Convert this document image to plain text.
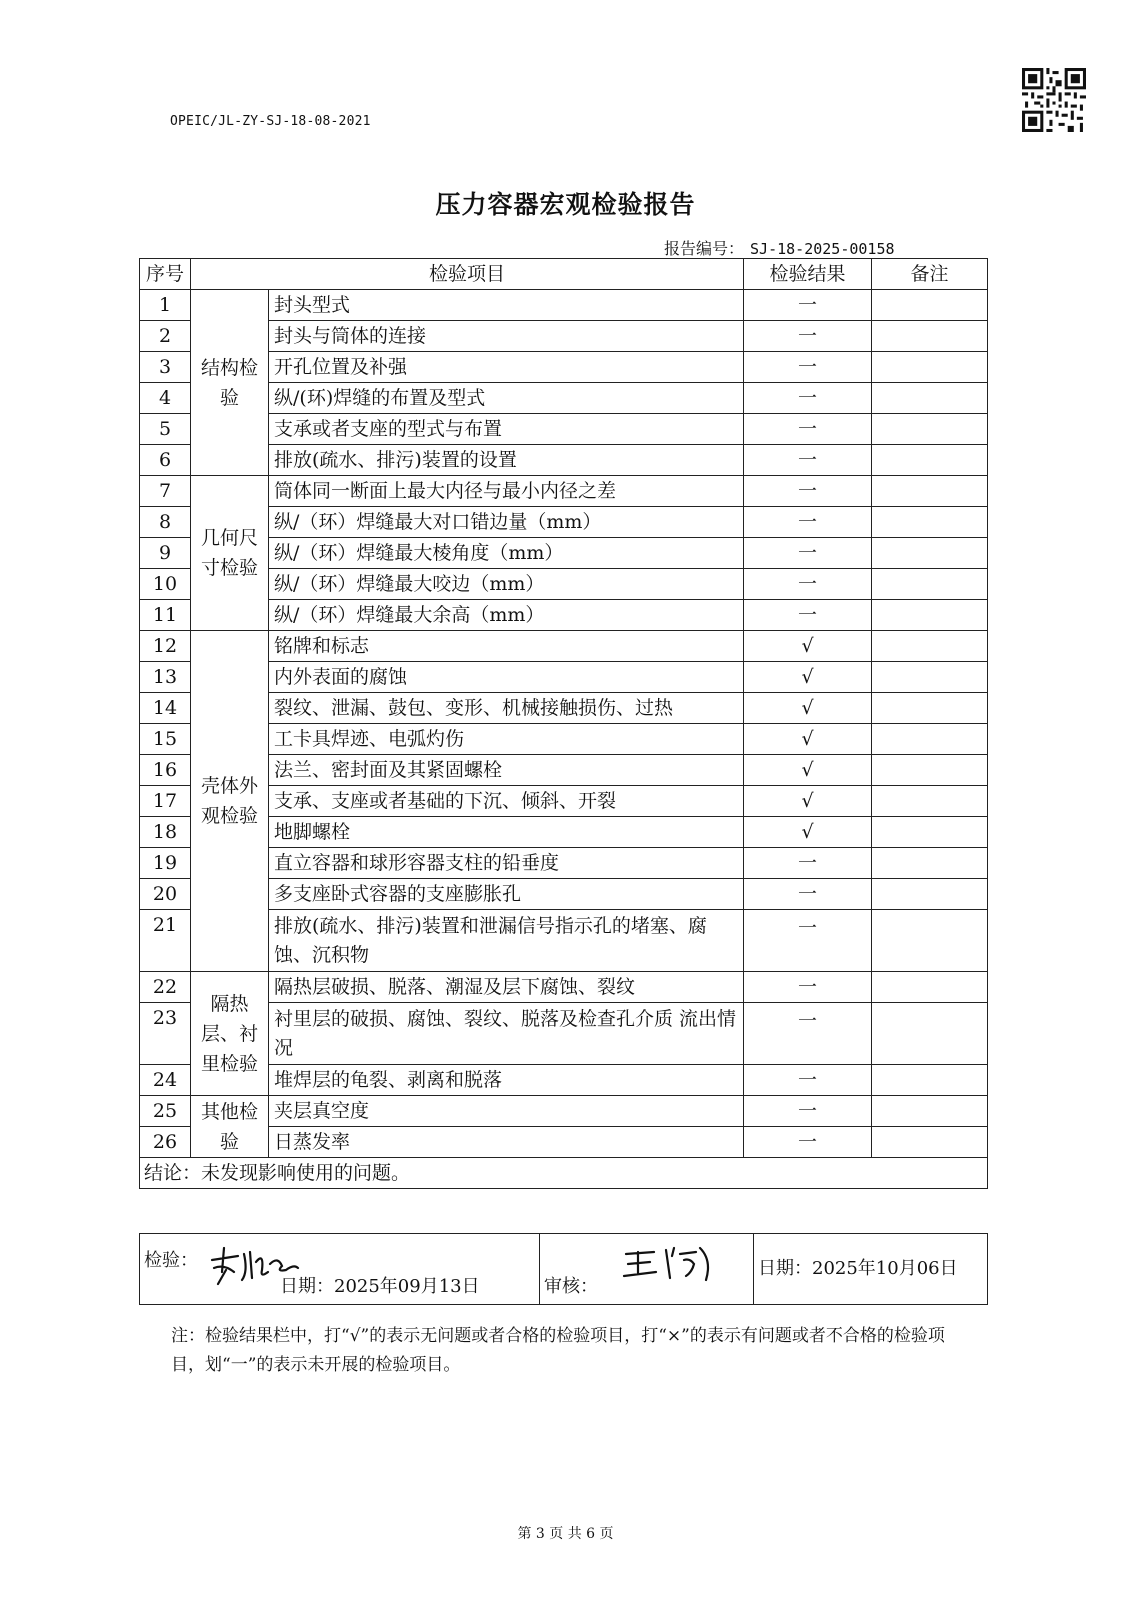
OPEIC/JL-ZY-SJ-18-08-2021
压力容器宏观检验报告
报告编号： SJ-18-2025-00158
序号	检验项目		检验结果	备注
1	结构检验	封头型式	一	
2		封头与筒体的连接	一	
3		开孔位置及补强	一	
4		纵/(环)焊缝的布置及型式	一	
5		支承或者支座的型式与布置	一	
6		排放(疏水、排污)装置的设置	一	
7	几何尺寸检验	筒体同一断面上最大内径与最小内径之差	一	
8		纵/（环）焊缝最大对口错边量（mm）	一	
9		纵/（环）焊缝最大棱角度（mm）	一	
10		纵/（环）焊缝最大咬边（mm）	一	
11		纵/（环）焊缝最大余高（mm）	一	
12	壳体外观检验	铭牌和标志	√	
13		内外表面的腐蚀	√	
14		裂纹、泄漏、鼓包、变形、机械接触损伤、过热	√	
15		工卡具焊迹、电弧灼伤	√	
16		法兰、密封面及其紧固螺栓	√	
17		支承、支座或者基础的下沉、倾斜、开裂	√	
18		地脚螺栓	√	
19		直立容器和球形容器支柱的铅垂度	一	
20		多支座卧式容器的支座膨胀孔	一	
21		排放(疏水、排污)装置和泄漏信号指示孔的堵塞、腐蚀、沉积物	一	
22	隔热层、衬里检验	隔热层破损、脱落、潮湿及层下腐蚀、裂纹	一	
23		衬里层的破损、腐蚀、裂纹、脱落及检查孔介质 流出情况	一	
24		堆焊层的龟裂、剥离和脱落	一	
25	其他检验	夹层真空度	一	
26		日蒸发率	一	
结论：未发现影响使用的问题。				
检验：
日期：2025年09月13日	审核：
	日期：2025年10月06日
注：检验结果栏中，打“√”的表示无问题或者合格的检验项目，打“×”的表示有问题或者不合格的检验项目，划“一”的表示未开展的检验项目。
第 3 页 共 6 页
